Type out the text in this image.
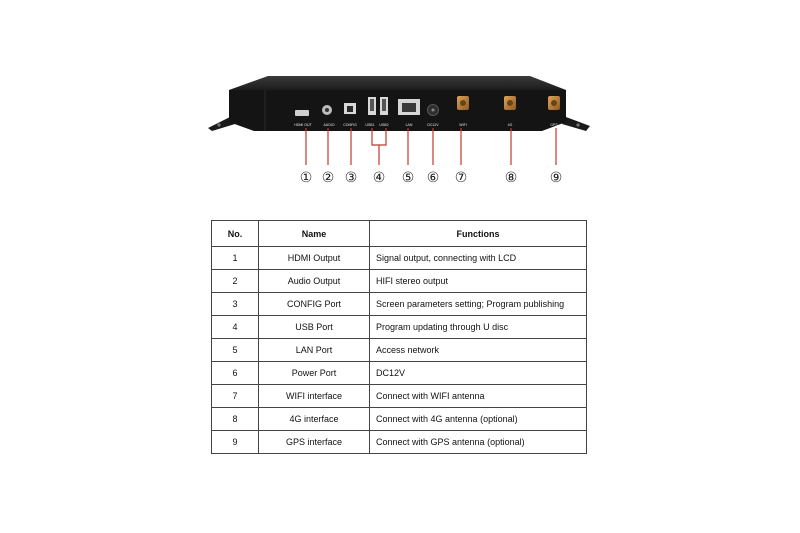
HDMI OUT	AUDIO CONFIG USB1 USB2	LAN	DC12V	WIFI	4G	GPS
① ② ③ ④ ⑤ ⑥ ⑦	⑧ ⑨
No.	Name	Functions
1	HDMI Output	Signal output, connecting with LCD
2	Audio Output	HIFI stereo output
3	CONFIG Port	Screen parameters setting; Program publishing
4	USB Port	Program updating through U disc
5	LAN Port	Access network
6	Power Port	DC12V
7	WIFI interface	Connect with WIFI antenna
8	4G interface	Connect with 4G antenna (optional)
9	GPS interface	Connect with GPS antenna (optional)
